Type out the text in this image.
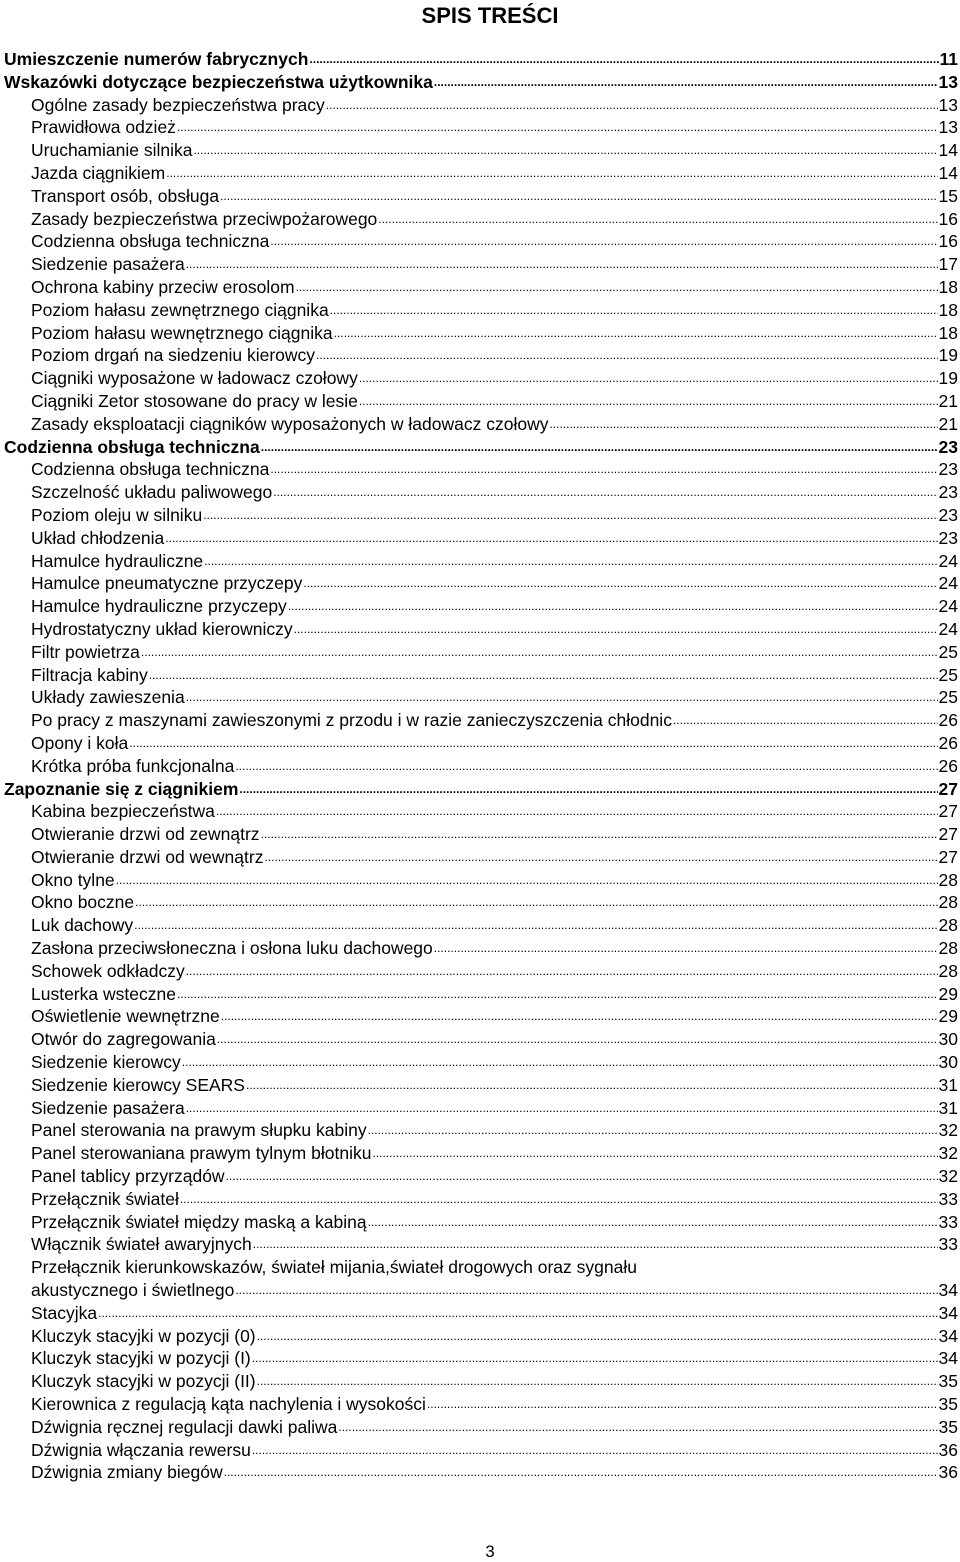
SPIS TREŚCI
Umieszczenie numerów fabrycznych .....	11
Wskazówki dotyczące bezpieczeństwa użytkownika .....	13
Ogólne zasady bezpieczeństwa pracy .....	13
Prawidłowa odzież .....	13
Uruchamianie silnika .....	14
Jazda ciągnikiem .....	14
Transport osób, obsługa .....	15
Zasady bezpieczeństwa przeciwpożarowego .....	16
Codzienna obsługa techniczna .....	16
Siedzenie pasażera .....	17
Ochrona kabiny przeciw erosolom .....	18
Poziom hałasu zewnętrznego ciągnika .....	18
Poziom hałasu wewnętrznego ciągnika .....	18
Poziom drgań na siedzeniu kierowcy .....	19
Ciągniki wyposażone w ładowacz czołowy .....	19
Ciągniki Zetor stosowane do pracy w lesie .....	21
Zasady eksploatacji ciągników wyposażonych w ładowacz czołowy .....	21
Codzienna obsługa techniczna .....	23
Codzienna obsługa techniczna .....	23
Szczelność układu paliwowego .....	23
Poziom oleju w silniku .....	23
Układ chłodzenia .....	23
Hamulce hydrauliczne .....	24
Hamulce pneumatyczne przyczepy .....	24
Hamulce hydrauliczne przyczepy .....	24
Hydrostatyczny układ kierowniczy .....	24
Filtr powietrza .....	25
Filtracja kabiny .....	25
Układy zawieszenia .....	25
Po pracy z maszynami zawieszonymi z przodu i w razie zanieczyszczenia chłodnic .....	26
Opony i koła .....	26
Krótka próba funkcjonalna .....	26
Zapoznanie się z ciągnikiem .....	27
Kabina bezpieczeństwa .....	27
Otwieranie drzwi od zewnątrz .....	27
Otwieranie drzwi od wewnątrz .....	27
Okno tylne .....	28
Okno boczne .....	28
Luk dachowy .....	28
Zasłona przeciwsłoneczna i osłona luku dachowego .....	28
Schowek odkładczy .....	28
Lusterka wsteczne .....	29
Oświetlenie wewnętrzne .....	29
Otwór do zagregowania .....	30
Siedzenie kierowcy .....	30
Siedzenie kierowcy SEARS .....	31
Siedzenie pasażera .....	31
Panel sterowania na prawym słupku kabiny .....	32
Panel sterowaniana prawym tylnym błotniku .....	32
Panel tablicy przyrządów .....	32
Przełącznik świateł .....	33
Przełącznik świateł między maską a kabiną .....	33
Włącznik świateł awaryjnych .....	33
Przełącznik kierunkowskazów, świateł mijania,świateł drogowych oraz sygnału
akustycznego i świetlnego .....	34
Stacyjka .....	34
Kluczyk stacyjki w pozycji (0) .....	34
Kluczyk stacyjki w pozycji (I) .....	34
Kluczyk stacyjki w pozycji (II) .....	35
Kierownica z regulacją kąta nachylenia i wysokości .....	35
Dźwignia ręcznej regulacji dawki paliwa .....	35
Dźwignia włączania rewersu .....	36
Dźwignia zmiany biegów .....	36
3
